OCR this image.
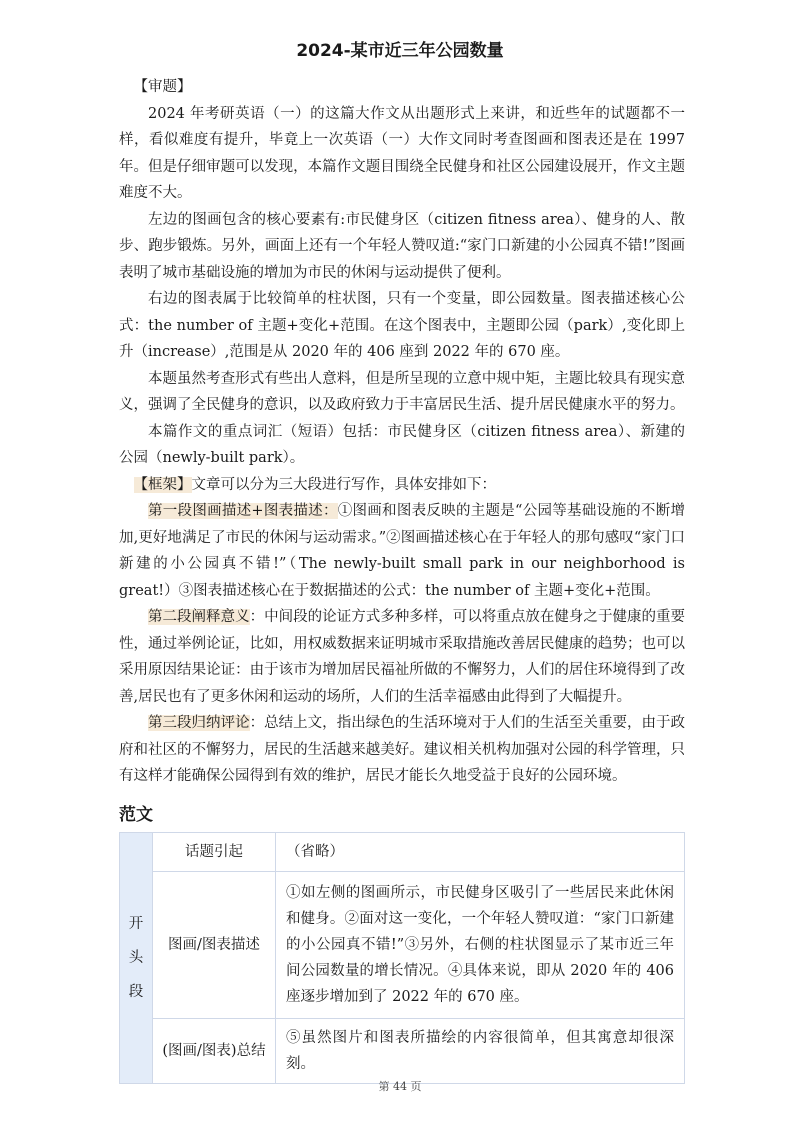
2024-某市近三年公园数量

【审题】

2024 年考研英语（一）的这篇大作文从出题形式上来讲，和近些年的试题都不一样，看似难度有提升，毕竟上一次英语（一）大作文同时考查图画和图表还是在 1997 年。但是仔细审题可以发现，本篇作文题目围绕全民健身和社区公园建设展开，作文主题难度不大。

左边的图画包含的核心要素有:市民健身区（citizen fitness area）、健身的人、散步、跑步锻炼。另外，画面上还有一个年轻人赞叹道:“家门口新建的小公园真不错!”图画表明了城市基础设施的增加为市民的休闲与运动提供了便利。

右边的图表属于比较简单的柱状图，只有一个变量，即公园数量。图表描述核心公式：the number of 主题+变化+范围。在这个图表中，主题即公园（park）,变化即上升（increase）,范围是从 2020 年的 406 座到 2022 年的 670 座。

本题虽然考查形式有些出人意料，但是所呈现的立意中规中矩，主题比较具有现实意义，强调了全民健身的意识，以及政府致力于丰富居民生活、提升居民健康水平的努力。

本篇作文的重点词汇（短语）包括：市民健身区（citizen fitness area）、新建的公园（newly-built park）。

【框架】文章可以分为三大段进行写作，具体安排如下：

第一段图画描述+图表描述：①图画和图表反映的主题是“公园等基础设施的不断增加,更好地满足了市民的休闲与运动需求。”②图画描述核心在于年轻人的那句感叹“家门口新建的小公园真不错!”（The newly-built small park in our neighborhood is great!）③图表描述核心在于数据描述的公式：the number of 主题+变化+范围。

第二段阐释意义：中间段的论证方式多种多样，可以将重点放在健身之于健康的重要性，通过举例论证，比如，用权威数据来证明城市采取措施改善居民健康的趋势；也可以采用原因结果论证：由于该市为增加居民福祉所做的不懈努力，人们的居住环境得到了改善,居民也有了更多休闲和运动的场所，人们的生活幸福感由此得到了大幅提升。

第三段归纳评论：总结上文，指出绿色的生活环境对于人们的生活至关重要，由于政府和社区的不懈努力，居民的生活越来越美好。建议相关机构加强对公园的科学管理，只有这样才能确保公园得到有效的维护，居民才能长久地受益于良好的公园环境。

范文
开头段	话题引起	（省略）
	图画/图表描述	①如左侧的图画所示，市民健身区吸引了一些居民来此休闲和健身。②面对这一变化，一个年轻人赞叹道：“家门口新建的小公园真不错!”③另外，右侧的柱状图显示了某市近三年间公园数量的增长情况。④具体来说，即从 2020 年的 406 座逐步增加到了 2022 年的 670 座。
	(图画/图表)总结	⑤虽然图片和图表所描绘的内容很简单，但其寓意却很深刻。
第 44 页
